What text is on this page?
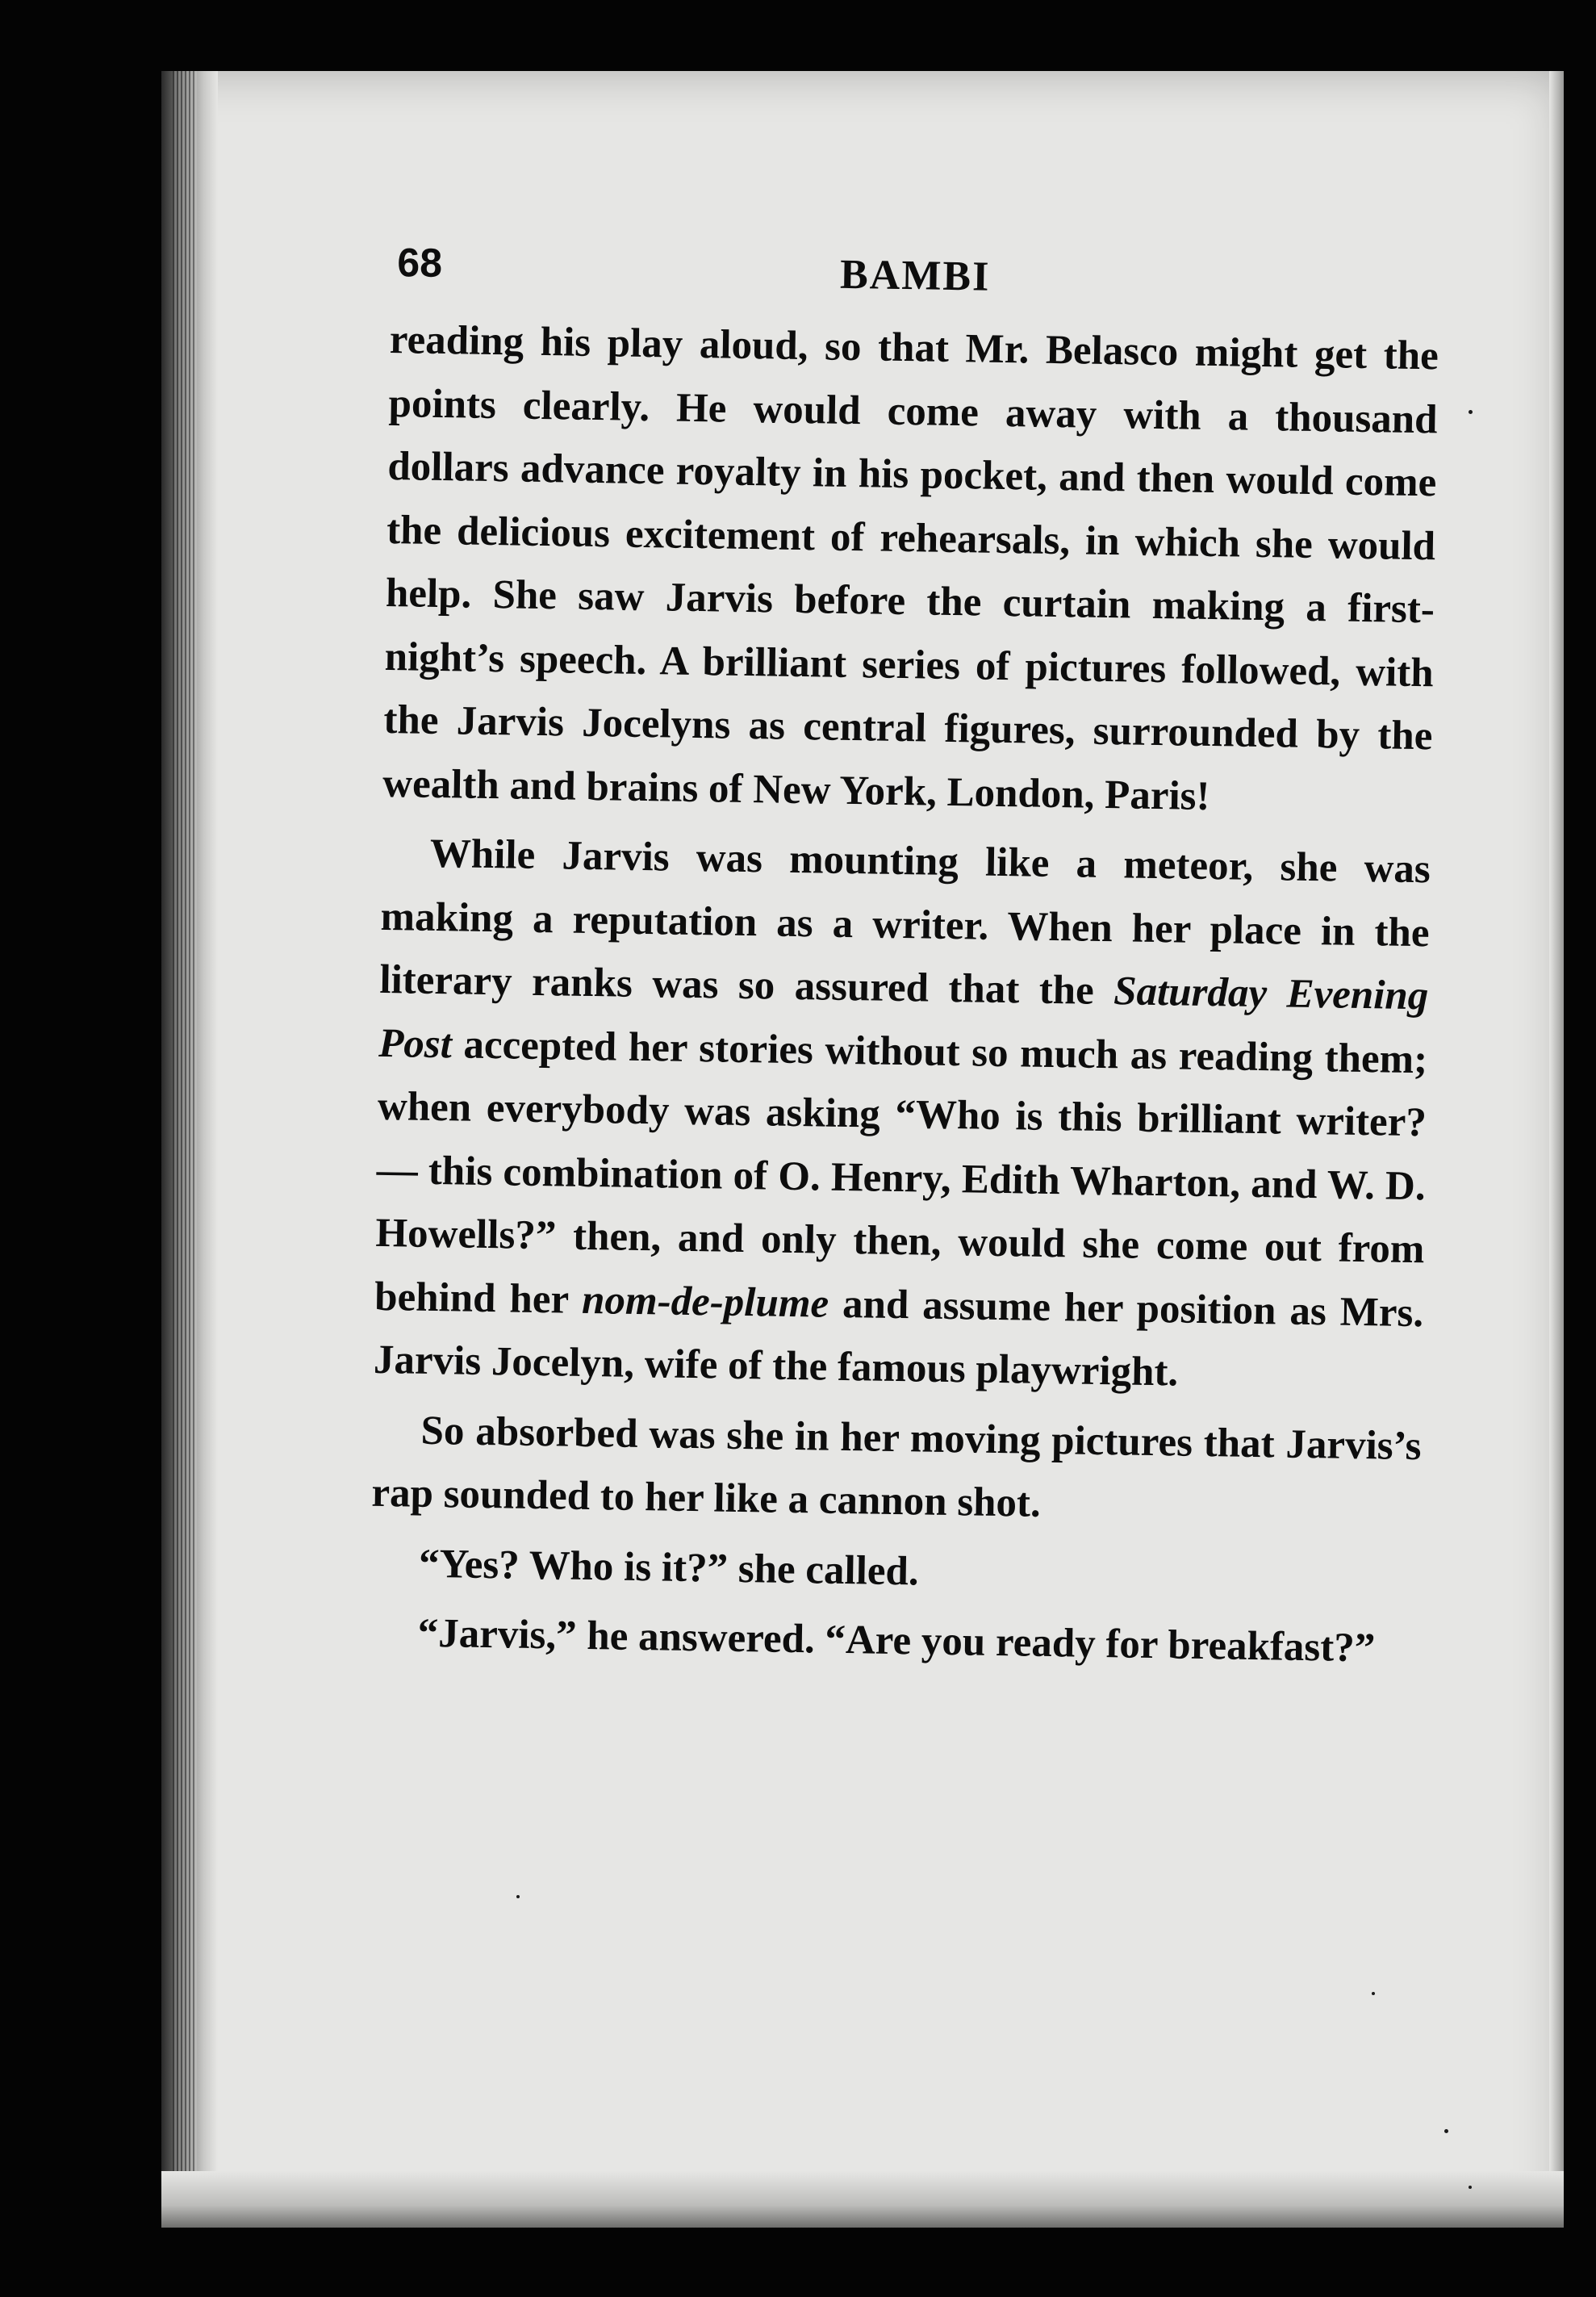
68	BAMBI

reading his play aloud, so that Mr. Belasco might get the points clearly. He would come away with a thousand dollars advance royalty in his pocket, and then would come the delicious excitement of rehearsals, in which she would help. She saw Jarvis before the curtain making a first-night’s speech. A brilliant series of pictures followed, with the Jarvis Jocelyns as central figures, surrounded by the wealth and brains of New York, London, Paris!

While Jarvis was mounting like a meteor, she was making a reputation as a writer. When her place in the literary ranks was so assured that the Saturday Evening Post accepted her stories without so much as reading them; when everybody was asking “Who is this brilliant writer? — this combination of O. Henry, Edith Wharton, and W. D. Howells?” then, and only then, would she come out from behind her nom-de-plume and assume her position as Mrs. Jarvis Jocelyn, wife of the famous playwright.

So absorbed was she in her moving pictures that Jarvis’s rap sounded to her like a cannon shot.

“Yes? Who is it?” she called.

“Jarvis,” he answered. “Are you ready for breakfast?”
